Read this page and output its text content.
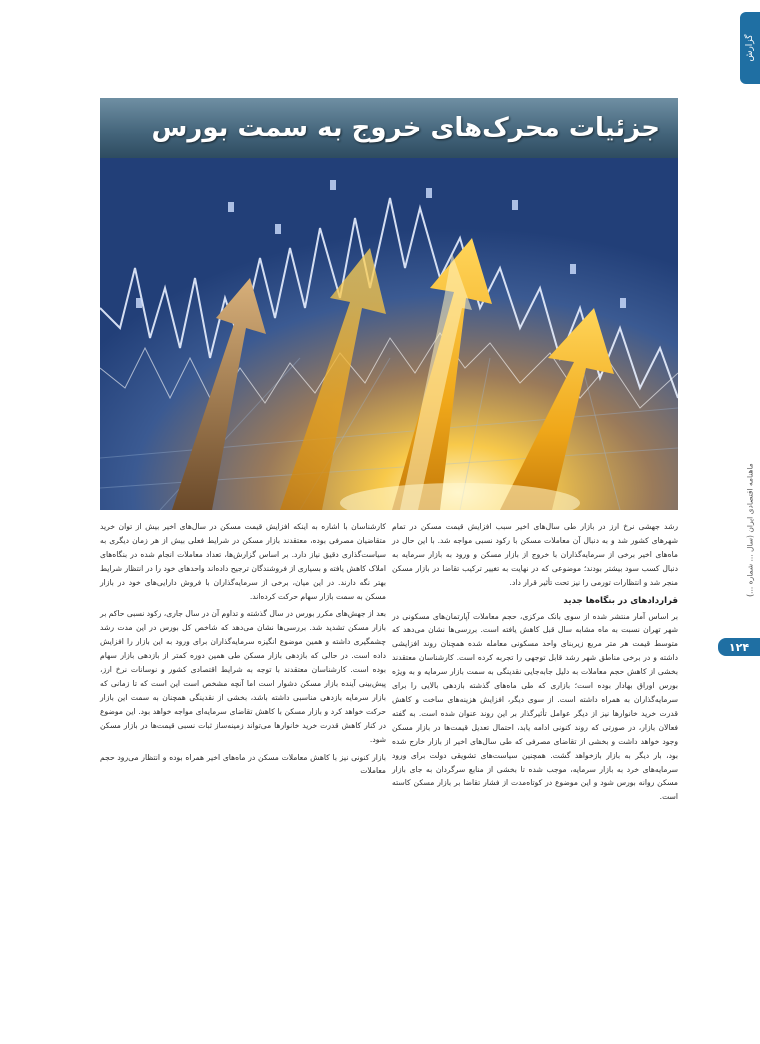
گزارش
ماهنامه اقتصادی ایران (سال ... شماره ...)
۱۲۴
جزئیات محرک‌های خروج به سمت بورس

رشد جهشی نرخ ارز در بازار طی سال‌های اخیر سبب افزایش قیمت مسکن در تمام شهرهای کشور شد و به دنبال آن معاملات مسکن با رکود نسبی مواجه شد. با این حال در ماه‌های اخیر برخی از سرمایه‌گذاران با خروج از بازار مسکن و ورود به بازار سرمایه به دنبال کسب سود بیشتر بودند؛ موضوعی که در نهایت به تغییر ترکیب تقاضا در بازار مسکن منجر شد و انتظارات تورمی را نیز تحت تأثیر قرار داد.

قراردادهای در بنگاه‌ها جدید

بر اساس آمار منتشر شده از سوی بانک مرکزی، حجم معاملات آپارتمان‌های مسکونی در شهر تهران نسبت به ماه مشابه سال قبل کاهش یافته است. بررسی‌ها نشان می‌دهد که متوسط قیمت هر متر مربع زیربنای واحد مسکونی معامله شده همچنان روند افزایشی داشته و در برخی مناطق شهر رشد قابل توجهی را تجربه کرده است. کارشناسان معتقدند بخشی از کاهش حجم معاملات به دلیل جابه‌جایی نقدینگی به سمت بازار سرمایه و به ویژه بورس اوراق بهادار بوده است؛ بازاری که طی ماه‌های گذشته بازدهی بالایی را برای سرمایه‌گذاران به همراه داشته است. از سوی دیگر، افزایش هزینه‌های ساخت و کاهش قدرت خرید خانوارها نیز از دیگر عوامل تأثیرگذار بر این روند عنوان شده است. به گفته فعالان بازار، در صورتی که روند کنونی ادامه یابد، احتمال تعدیل قیمت‌ها در بازار مسکن وجود خواهد داشت و بخشی از تقاضای مصرفی که طی سال‌های اخیر از بازار خارج شده بود، بار دیگر به بازار بازخواهد گشت. همچنین سیاست‌های تشویقی دولت برای ورود سرمایه‌های خرد به بازار سرمایه، موجب شده تا بخشی از منابع سرگردان به جای بازار مسکن روانه بورس شود و این موضوع در کوتاه‌مدت از فشار تقاضا بر بازار مسکن کاسته است.

کارشناسان با اشاره به اینکه افزایش قیمت مسکن در سال‌های اخیر بیش از توان خرید متقاضیان مصرفی بوده، معتقدند بازار مسکن در شرایط فعلی بیش از هر زمان دیگری به سیاست‌گذاری دقیق نیاز دارد. بر اساس گزارش‌ها، تعداد معاملات انجام شده در بنگاه‌های املاک کاهش یافته و بسیاری از فروشندگان ترجیح داده‌اند واحدهای خود را در انتظار شرایط بهتر نگه دارند. در این میان، برخی از سرمایه‌گذاران با فروش دارایی‌های خود در بازار مسکن به سمت بازار سهام حرکت کرده‌اند.

بعد از جهش‌های مکرر بورس در سال گذشته و تداوم آن در سال جاری، رکود نسبی حاکم بر بازار مسکن تشدید شد. بررسی‌ها نشان می‌دهد که شاخص کل بورس در این مدت رشد چشمگیری داشته و همین موضوع انگیزه سرمایه‌گذاران برای ورود به این بازار را افزایش داده است. در حالی که بازدهی بازار مسکن طی همین دوره کمتر از بازدهی بازار سهام بوده است. کارشناسان معتقدند با توجه به شرایط اقتصادی کشور و نوسانات نرخ ارز، پیش‌بینی آینده بازار مسکن دشوار است اما آنچه مشخص است این است که تا زمانی که بازار سرمایه بازدهی مناسبی داشته باشد، بخشی از نقدینگی همچنان به سمت این بازار حرکت خواهد کرد و بازار مسکن با کاهش تقاضای سرمایه‌ای مواجه خواهد بود. این موضوع در کنار کاهش قدرت خرید خانوارها می‌تواند زمینه‌ساز ثبات نسبی قیمت‌ها در بازار مسکن شود.

بازار کنونی نیز با کاهش معاملات مسکن در ماه‌های اخیر همراه بوده و انتظار می‌رود حجم معاملات
